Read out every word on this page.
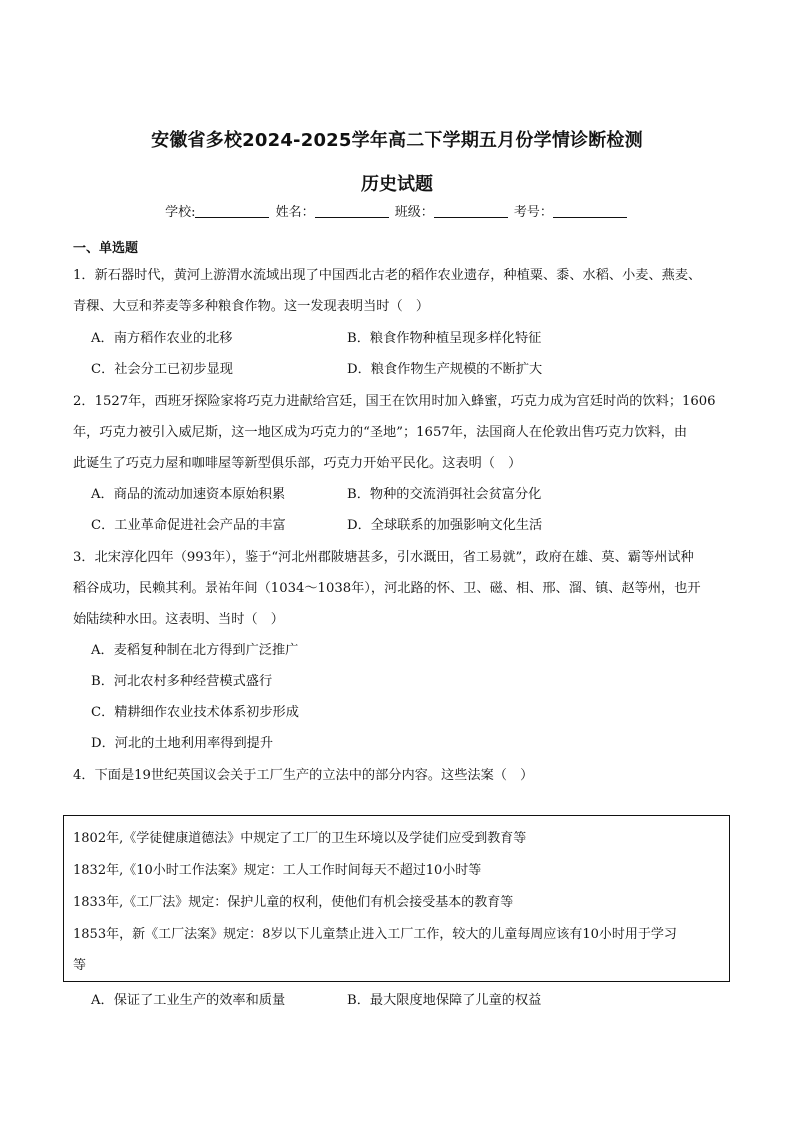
安徽省多校2024-2025学年高二下学期五月份学情诊断检测
历史试题
学校:	姓名：	班级：	考号：
一、单选题
1．新石器时代，黄河上游渭水流域出现了中国西北古老的稻作农业遗存，种植粟、黍、水稻、小麦、燕麦、
青稞、大豆和荞麦等多种粮食作物。这一发现表明当时（　）
A．南方稻作农业的北移	B．粮食作物种植呈现多样化特征
C．社会分工已初步显现	D．粮食作物生产规模的不断扩大
2．1527年，西班牙探险家将巧克力进献给宫廷，国王在饮用时加入蜂蜜，巧克力成为宫廷时尚的饮料；1606
年，巧克力被引入威尼斯，这一地区成为巧克力的“圣地”；1657年，法国商人在伦敦出售巧克力饮料，由
此诞生了巧克力屋和咖啡屋等新型俱乐部，巧克力开始平民化。这表明（　）
A．商品的流动加速资本原始积累	B．物种的交流消弭社会贫富分化
C．工业革命促进社会产品的丰富	D．全球联系的加强影响文化生活
3．北宋淳化四年（993年），鉴于“河北州郡陂塘甚多，引水溉田，省工易就”，政府在雄、莫、霸等州试种
稻谷成功，民赖其利。景祐年间（1034～1038年），河北路的怀、卫、磁、相、邢、溜、镇、赵等州，也开
始陆续种水田。这表明、当时（　）
A．麦稻复种制在北方得到广泛推广
B．河北农村多种经营模式盛行
C．精耕细作农业技术体系初步形成
D．河北的土地利用率得到提升
4．下面是19世纪英国议会关于工厂生产的立法中的部分内容。这些法案（　）
1802年,《学徒健康道德法》中规定了工厂的卫生环境以及学徒们应受到教育等
1832年,《10小时工作法案》规定：工人工作时间每天不超过10小时等
1833年,《工厂法》规定：保护儿童的权利，使他们有机会接受基本的教育等
1853年，新《工厂法案》规定：8岁以下儿童禁止进入工厂工作，较大的儿童每周应该有10小时用于学习
等
A．保证了工业生产的效率和质量	B．最大限度地保障了儿童的权益
